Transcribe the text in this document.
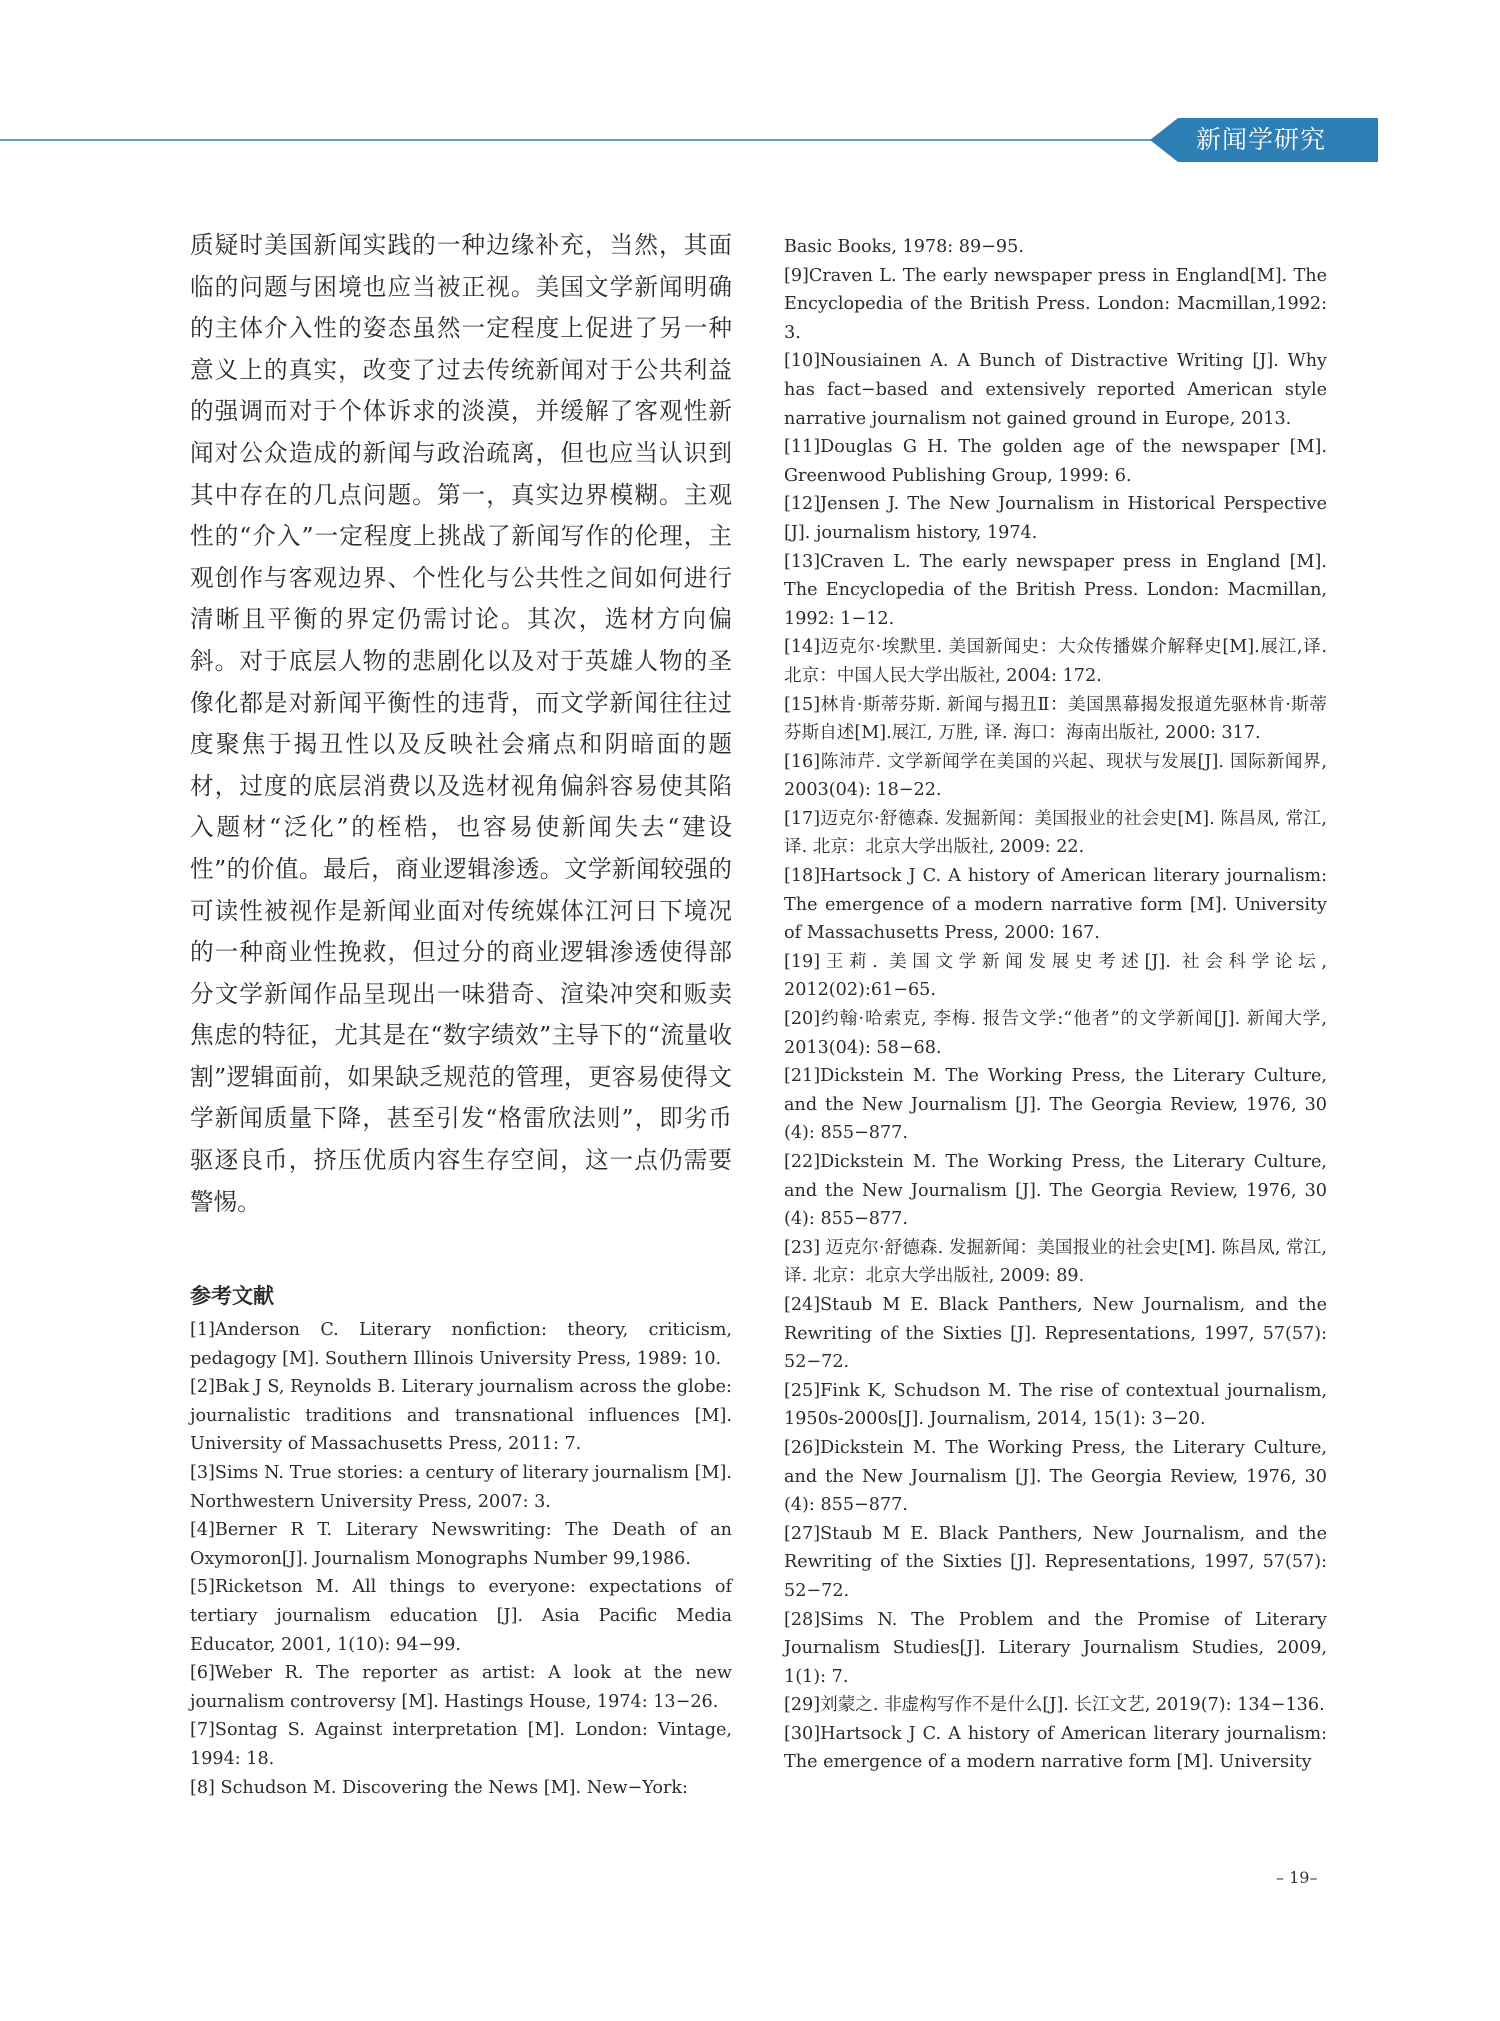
新闻学研究

质疑时美国新闻实践的一种边缘补充，当然，其面临的问题与困境也应当被正视。美国文学新闻明确的主体介入性的姿态虽然一定程度上促进了另一种意义上的真实，改变了过去传统新闻对于公共利益的强调而对于个体诉求的淡漠，并缓解了客观性新闻对公众造成的新闻与政治疏离，但也应当认识到其中存在的几点问题。第一，真实边界模糊。主观性的“介入”一定程度上挑战了新闻写作的伦理，主观创作与客观边界、个性化与公共性之间如何进行清晰且平衡的界定仍需讨论。其次，选材方向偏斜。对于底层人物的悲剧化以及对于英雄人物的圣像化都是对新闻平衡性的违背，而文学新闻往往过度聚焦于揭丑性以及反映社会痛点和阴暗面的题材，过度的底层消费以及选材视角偏斜容易使其陷入题材“泛化”的桎梏，也容易使新闻失去“建设性”的价值。最后，商业逻辑渗透。文学新闻较强的可读性被视作是新闻业面对传统媒体江河日下境况的一种商业性挽救，但过分的商业逻辑渗透使得部分文学新闻作品呈现出一味猎奇、渲染冲突和贩卖焦虑的特征，尤其是在“数字绩效”主导下的“流量收割”逻辑面前，如果缺乏规范的管理，更容易使得文学新闻质量下降，甚至引发“格雷欣法则”，即劣币驱逐良币，挤压优质内容生存空间，这一点仍需要警惕。

参考文献

[1]Anderson C. Literary nonfiction: theory, criticism, pedagogy [M]. Southern Illinois University Press, 1989: 10.

[2]Bak J S, Reynolds B. Literary journalism across the globe: journalistic traditions and transnational influences [M]. University of Massachusetts Press, 2011: 7.

[3]Sims N. True stories: a century of literary journalism [M]. Northwestern University Press, 2007: 3.

[4]Berner R T. Literary Newswriting: The Death of an Oxymoron[J]. Journalism Monographs Number 99,1986.

[5]Ricketson M. All things to everyone: expectations of tertiary journalism education [J]. Asia Pacific Media Educator, 2001, 1(10): 94−99.

[6]Weber R. The reporter as artist: A look at the new journalism controversy [M]. Hastings House, 1974: 13−26.

[7]Sontag S. Against interpretation [M]. London: Vintage, 1994: 18.

[8] Schudson M. Discovering the News [M]. New−York:

Basic Books, 1978: 89−95.

[9]Craven L. The early newspaper press in England[M]. The Encyclopedia of the British Press. London: Macmillan,1992: 3.

[10]Nousiainen A. A Bunch of Distractive Writing [J]. Why has fact−based and extensively reported American style narrative journalism not gained ground in Europe, 2013.

[11]Douglas G H. The golden age of the newspaper [M]. Greenwood Publishing Group, 1999: 6.

[12]Jensen J. The New Journalism in Historical Perspective [J]. journalism history, 1974.

[13]Craven L. The early newspaper press in England [M]. The Encyclopedia of the British Press. London: Macmillan, 1992: 1−12.

[14]迈克尔·埃默里. 美国新闻史：大众传播媒介解释史[M].展江,译. 北京：中国人民大学出版社, 2004: 172.

[15]林肯·斯蒂芬斯. 新闻与揭丑Ⅱ：美国黑幕揭发报道先驱林肯·斯蒂芬斯自述[M].展江, 万胜, 译. 海口：海南出版社, 2000: 317.

[16]陈沛芹. 文学新闻学在美国的兴起、现状与发展[J]. 国际新闻界, 2003(04): 18−22.

[17]迈克尔·舒德森. 发掘新闻：美国报业的社会史[M]. 陈昌凤, 常江, 译. 北京：北京大学出版社, 2009: 22.

[18]Hartsock J C. A history of American literary journalism: The emergence of a modern narrative form [M]. University of Massachusetts Press, 2000: 167.

[19]王莉. 美国文学新闻发展史考述[J]. 社会科学论坛, 2012(02):61−65.

[20]约翰·哈索克, 李梅. 报告文学:“他者”的文学新闻[J]. 新闻大学, 2013(04): 58−68.

[21]Dickstein M. The Working Press, the Literary Culture, and the New Journalism [J]. The Georgia Review, 1976, 30 (4): 855−877.

[22]Dickstein M. The Working Press, the Literary Culture, and the New Journalism [J]. The Georgia Review, 1976, 30 (4): 855−877.

[23] 迈克尔·舒德森. 发掘新闻：美国报业的社会史[M]. 陈昌凤, 常江, 译. 北京：北京大学出版社, 2009: 89.

[24]Staub M E. Black Panthers, New Journalism, and the Rewriting of the Sixties [J]. Representations, 1997, 57(57): 52−72.

[25]Fink K, Schudson M. The rise of contextual journalism, 1950s‑2000s[J]. Journalism, 2014, 15(1): 3−20.

[26]Dickstein M. The Working Press, the Literary Culture, and the New Journalism [J]. The Georgia Review, 1976, 30 (4): 855−877.

[27]Staub M E. Black Panthers, New Journalism, and the Rewriting of the Sixties [J]. Representations, 1997, 57(57): 52−72.

[28]Sims N. The Problem and the Promise of Literary Journalism Studies[J]. Literary Journalism Studies, 2009, 1(1): 7.

[29]刘蒙之. 非虚构写作不是什么[J]. 长江文艺, 2019(7): 134−136.

[30]Hartsock J C. A history of American literary journalism: The emergence of a modern narrative form [M]. University

– 19–
